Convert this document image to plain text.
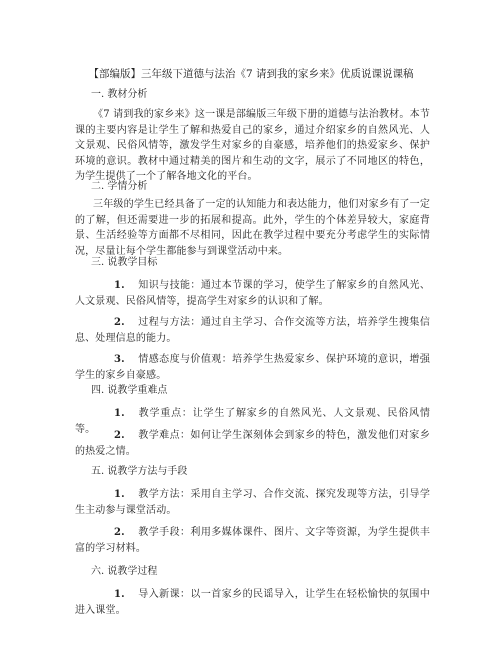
【部编版】三年级下道德与法治《7 请到我的家乡来》优质说课说课稿
一. 教材分析
《7 请到我的家乡来》这一课是部编版三年级下册的道德与法治教材。本节课的主要内容是让学生了解和热爱自己的家乡，通过介绍家乡的自然风光、人文景观、民俗风情等，激发学生对家乡的自豪感，培养他们的热爱家乡、保护环境的意识。教材中通过精美的图片和生动的文字，展示了不同地区的特色，为学生提供了一个了解各地文化的平台。
二. 学情分析
三年级的学生已经具备了一定的认知能力和表达能力，他们对家乡有了一定的了解，但还需要进一步的拓展和提高。此外，学生的个体差异较大，家庭背景、生活经验等方面都不尽相同，因此在教学过程中要充分考虑学生的实际情况，尽量让每个学生都能参与到课堂活动中来。
三. 说教学目标
1. 知识与技能：通过本节课的学习，使学生了解家乡的自然风光、人文景观、民俗风情等，提高学生对家乡的认识和了解。
2. 过程与方法：通过自主学习、合作交流等方法，培养学生搜集信息、处理信息的能力。
3. 情感态度与价值观：培养学生热爱家乡、保护环境的意识，增强学生的家乡自豪感。
四. 说教学重难点
1. 教学重点：让学生了解家乡的自然风光、人文景观、民俗风情等。
2. 教学难点：如何让学生深刻体会到家乡的特色，激发他们对家乡的热爱之情。
五. 说教学方法与手段
1. 教学方法：采用自主学习、合作交流、探究发现等方法，引导学生主动参与课堂活动。
2. 教学手段：利用多媒体课件、图片、文字等资源，为学生提供丰富的学习材料。
六. 说教学过程
1. 导入新课：以一首家乡的民谣导入，让学生在轻松愉快的氛围中进入课堂。
